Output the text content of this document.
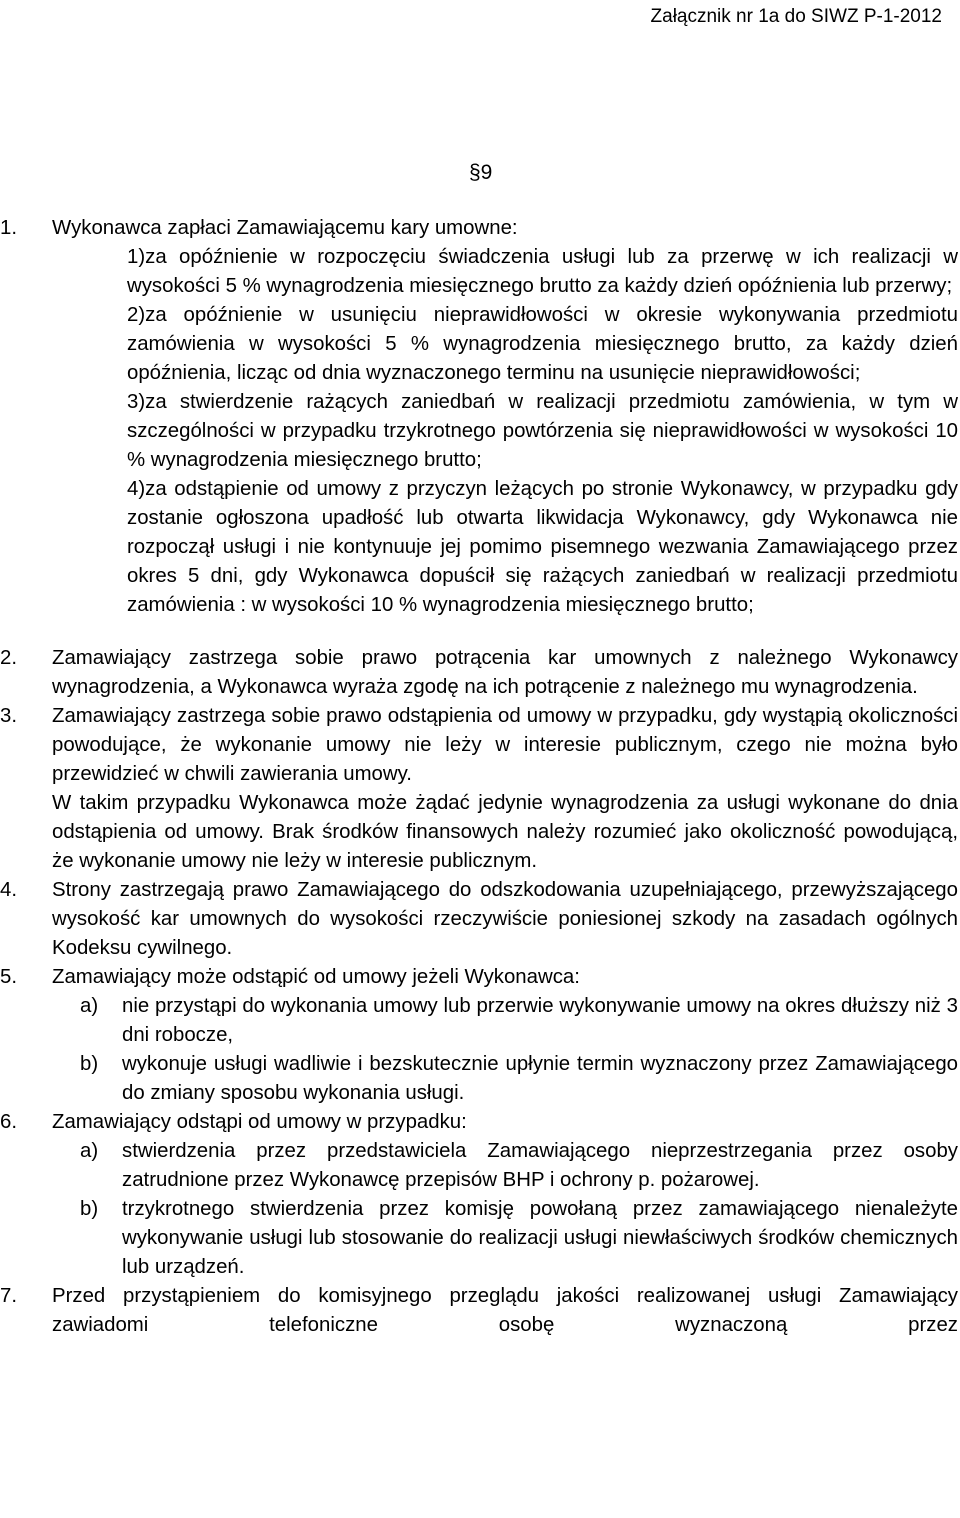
Załącznik nr 1a do SIWZ P-1-2012
§9
1. Wykonawca zapłaci Zamawiającemu kary umowne:
1)za opóźnienie w rozpoczęciu świadczenia usługi lub za przerwę w ich realizacji w wysokości 5 % wynagrodzenia miesięcznego brutto za każdy dzień opóźnienia lub przerwy;
2)za opóźnienie w usunięciu nieprawidłowości w okresie wykonywania przedmiotu zamówienia w wysokości 5 % wynagrodzenia miesięcznego brutto, za każdy dzień opóźnienia, licząc od dnia wyznaczonego terminu na usunięcie nieprawidłowości;
3)za stwierdzenie rażących zaniedbań w realizacji przedmiotu zamówienia, w tym w szczególności w przypadku trzykrotnego powtórzenia się nieprawidłowości w wysokości 10 % wynagrodzenia miesięcznego brutto;
4)za odstąpienie od umowy z przyczyn leżących po stronie Wykonawcy, w przypadku gdy zostanie ogłoszona upadłość lub otwarta likwidacja Wykonawcy, gdy Wykonawca nie rozpoczął usługi i nie kontynuuje jej pomimo pisemnego wezwania Zamawiającego przez okres 5 dni, gdy Wykonawca dopuścił się rażących zaniedbań w realizacji przedmiotu zamówienia : w wysokości 10 % wynagrodzenia miesięcznego brutto;
2. Zamawiający zastrzega sobie prawo potrącenia kar umownych z należnego Wykonawcy wynagrodzenia, a Wykonawca wyraża zgodę na ich potrącenie z należnego mu wynagrodzenia.
3. Zamawiający zastrzega sobie prawo odstąpienia od umowy w przypadku, gdy wystąpią okoliczności powodujące, że wykonanie umowy nie leży w interesie publicznym, czego nie można było przewidzieć w chwili zawierania umowy.
W takim przypadku Wykonawca może żądać jedynie wynagrodzenia za usługi wykonane do dnia odstąpienia od umowy. Brak środków finansowych należy rozumieć jako okoliczność powodującą, że wykonanie umowy nie leży w interesie publicznym.
4. Strony zastrzegają prawo Zamawiającego do odszkodowania uzupełniającego, przewyższającego wysokość kar umownych do wysokości rzeczywiście poniesionej szkody na zasadach ogólnych Kodeksu cywilnego.
5. Zamawiający może odstąpić od umowy jeżeli Wykonawca:
a) nie przystąpi do wykonania umowy lub przerwie wykonywanie umowy na okres dłuższy niż 3 dni robocze,
b) wykonuje usługi wadliwie i bezskutecznie upłynie termin wyznaczony przez Zamawiającego do zmiany sposobu wykonania usługi.
6. Zamawiający odstąpi od umowy w przypadku:
a) stwierdzenia przez przedstawiciela Zamawiającego nieprzestrzegania przez osoby zatrudnione przez Wykonawcę przepisów BHP i ochrony p. pożarowej.
b) trzykrotnego stwierdzenia przez komisję powołaną przez zamawiającego nienależyte wykonywanie usługi lub stosowanie do realizacji usługi niewłaściwych środków chemicznych lub urządzeń.
7. Przed przystąpieniem do komisyjnego przeglądu jakości realizowanej usługi Zamawiający zawiadomi telefoniczne osobę wyznaczoną przez
